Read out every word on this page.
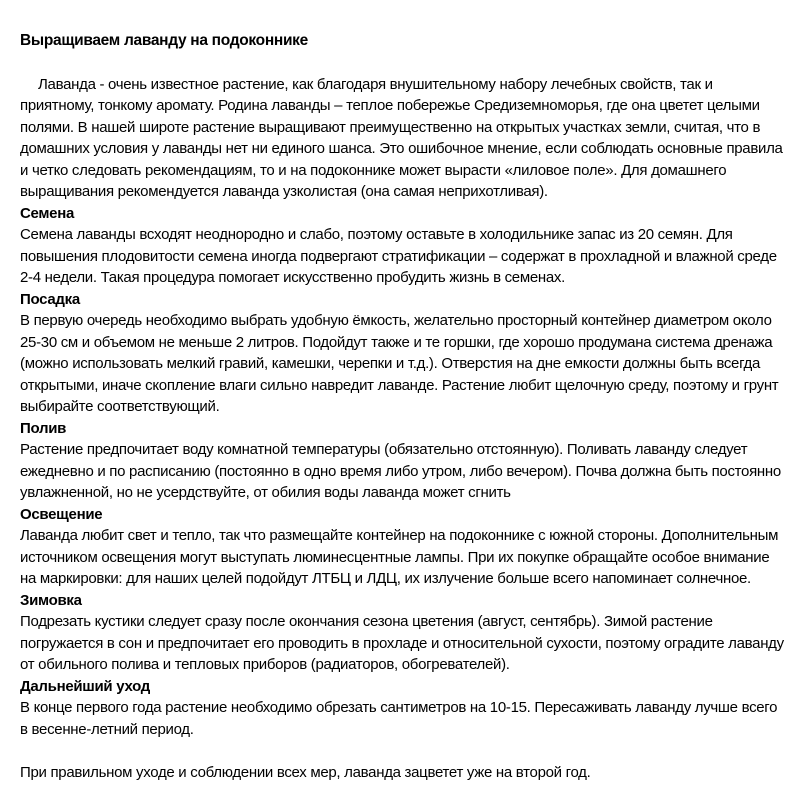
Выращиваем лаванду на подоконнике

Лаванда - очень известное растение, как благодаря внушительному набору лечебных свойств, так и приятному, тонкому аромату. Родина лаванды – теплое побережье Средиземноморья, где она цветет целыми полями. В нашей широте растение выращивают преимущественно на открытых участках земли, считая, что в домашних условия у лаванды нет ни единого шанса. Это ошибочное мнение, если соблюдать основные правила и четко следовать рекомендациям, то и на подоконнике может вырасти «лиловое поле». Для домашнего выращивания рекомендуется лаванда узколистая (она самая неприхотливая).

Семена

Семена лаванды всходят неоднородно и слабо, поэтому оставьте в холодильнике запас из 20 семян. Для повышения плодовитости семена иногда подвергают стратификации – содержат в прохладной и влажной среде 2-4 недели. Такая процедура помогает искусственно пробудить жизнь в семенах.

Посадка

В первую очередь необходимо выбрать удобную ёмкость, желательно просторный контейнер диаметром около 25-30 см и объемом не меньше 2 литров. Подойдут также и те горшки, где хорошо продумана система дренажа (можно использовать мелкий гравий, камешки, черепки и т.д.). Отверстия на дне емкости должны быть всегда открытыми, иначе скопление влаги сильно навредит лаванде. Растение любит щелочную среду, поэтому и грунт выбирайте соответствующий.

Полив

Растение предпочитает воду комнатной температуры (обязательно отстоянную). Поливать лаванду следует ежедневно и по расписанию (постоянно в одно время либо утром, либо вечером). Почва должна быть постоянно увлажненной, но не усердствуйте, от обилия воды лаванда может сгнить

Освещение

Лаванда любит свет и тепло, так что размещайте контейнер на подоконнике с южной стороны. Дополнительным источником освещения могут выступать люминесцентные лампы. При их покупке обращайте особое внимание на маркировки: для наших целей подойдут ЛТБЦ и ЛДЦ, их излучение больше всего напоминает солнечное.

Зимовка

Подрезать кустики следует сразу после окончания сезона цветения (август, сентябрь). Зимой растение погружается в сон и предпочитает его проводить в прохладе и относительной сухости, поэтому оградите лаванду от обильного полива и тепловых приборов (радиаторов, обогревателей).

Дальнейший уход

В конце первого года растение необходимо обрезать сантиметров на 10-15. Пересаживать лаванду лучше всего в весенне-летний период.

При правильном уходе и соблюдении всех мер, лаванда зацветет уже на второй год.
